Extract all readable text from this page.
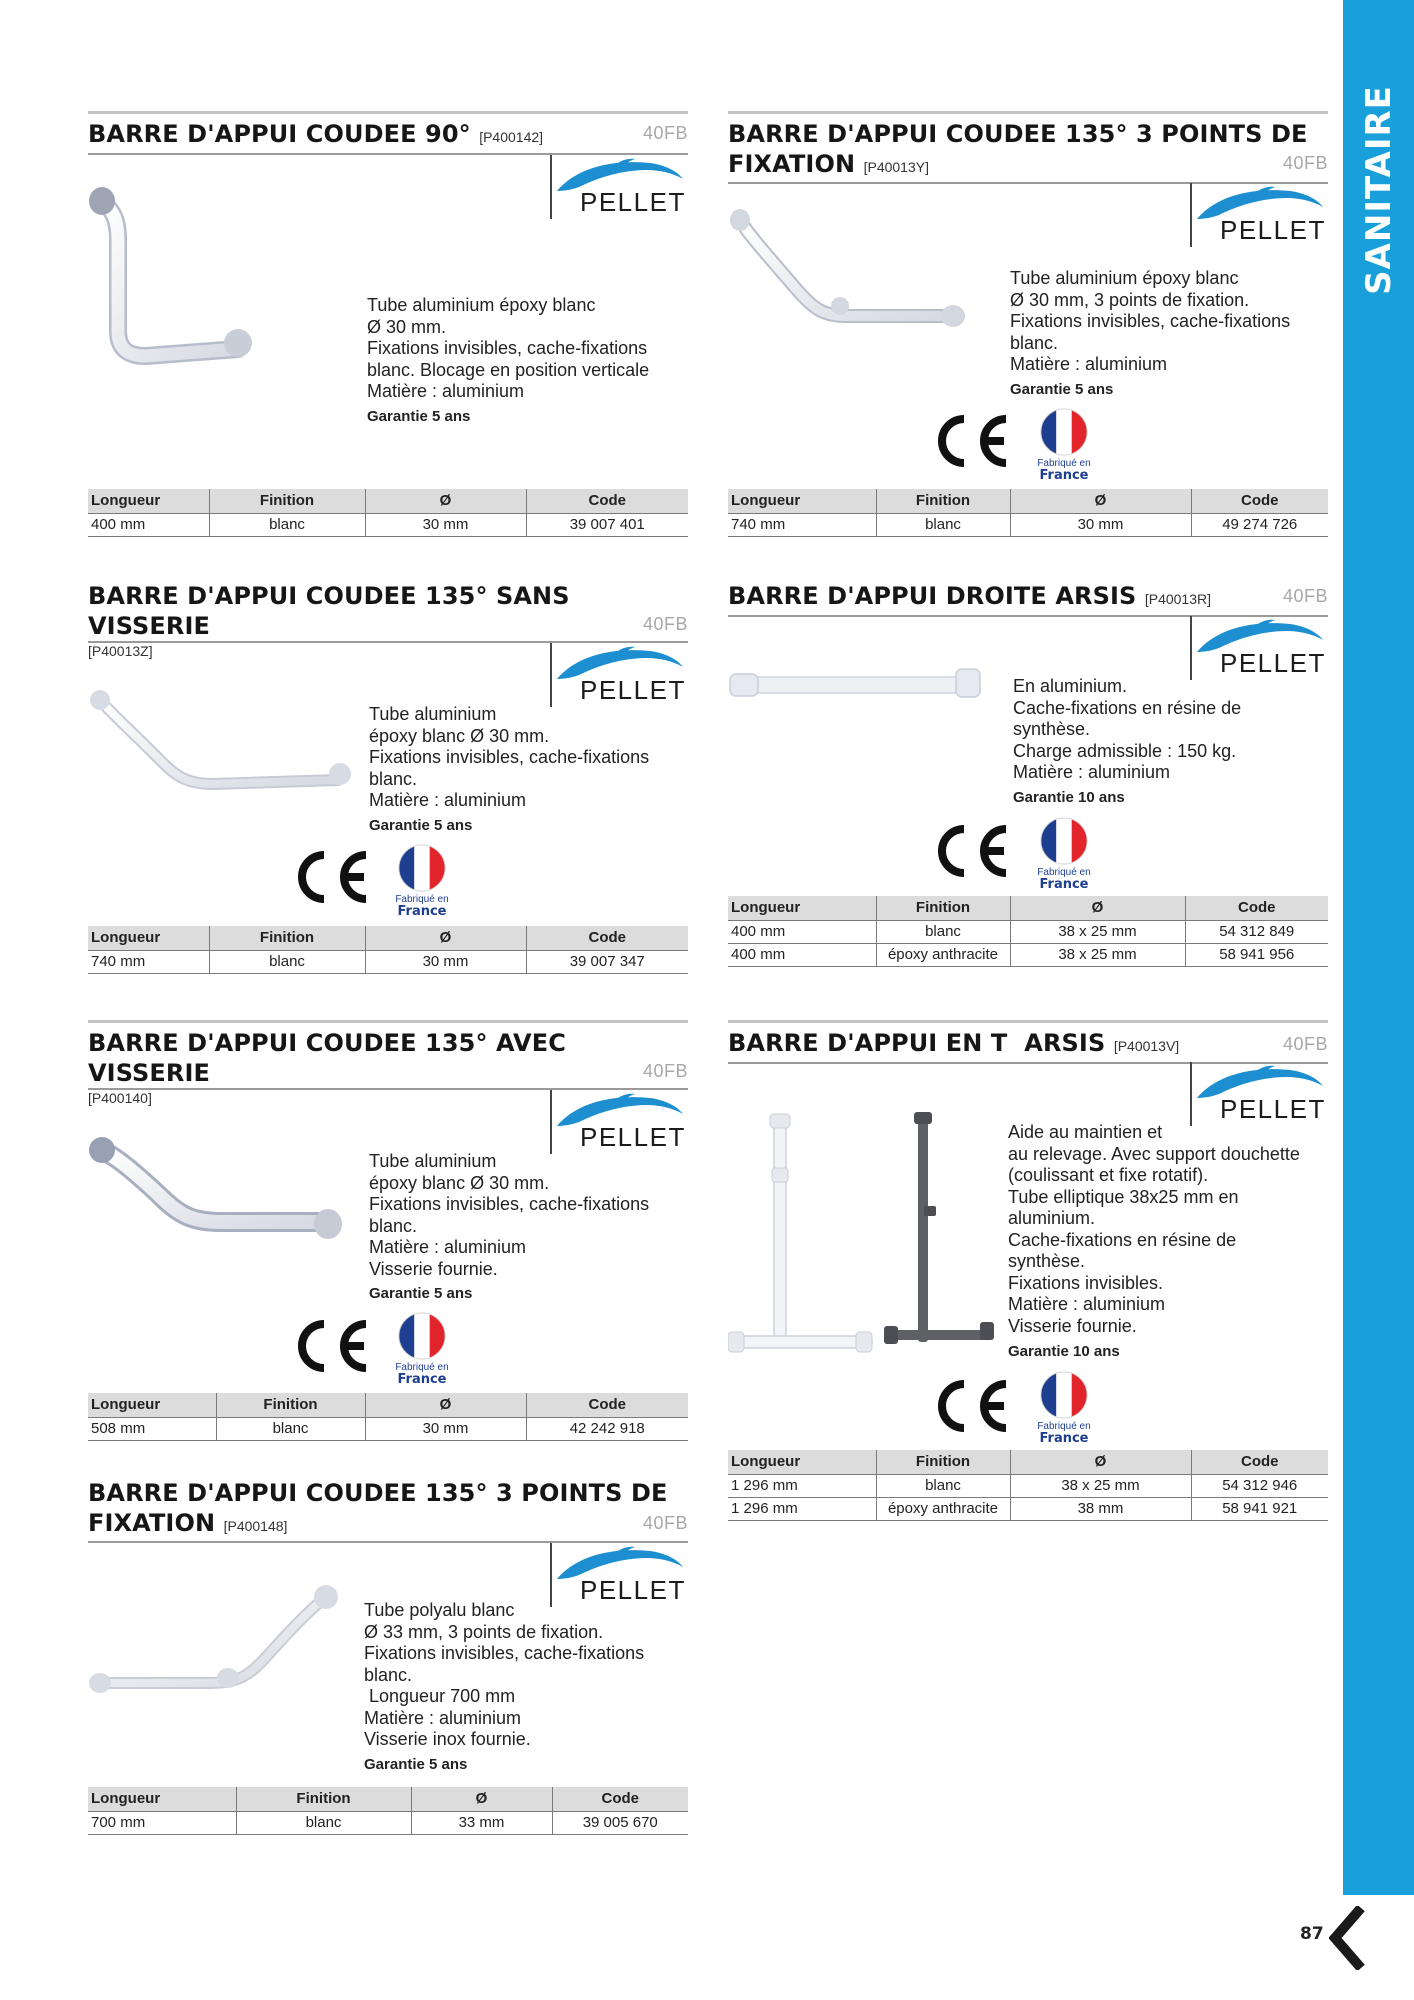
BARRE D'APPUI COUDEE 90° [P400142]	40FB
PELLET
Tube aluminium époxy blanc
Ø 30 mm.
Fixations invisibles, cache-fixations
blanc. Blocage en position verticale
Matière : aluminium
Garantie 5 ans
Longueur	Finition	Ø	Code
400 mm	blanc	30 mm	39 007 401
BARRE D'APPUI COUDEE 135° 3 POINTS DE
FIXATION [P40013Y]	40FB
PELLET
Tube aluminium époxy blanc
Ø 30 mm, 3 points de fixation.
Fixations invisibles, cache-fixations
blanc.
Matière : aluminium
Garantie 5 ans
Fabriqué en
France
Longueur	Finition	Ø	Code
740 mm	blanc	30 mm	49 274 726
BARRE D'APPUI COUDEE 135° SANS VISSERIE
[P40013Z]
40FB
PELLET
Tube aluminium
époxy blanc Ø 30 mm.
Fixations invisibles, cache-fixations
blanc.
Matière : aluminium
Garantie 5 ans
Fabriqué en
France
Longueur	Finition	Ø	Code
740 mm	blanc	30 mm	39 007 347
BARRE D'APPUI DROITE ARSIS [P40013R]	40FB
PELLET
En aluminium.
Cache-fixations en résine de
synthèse.
Charge admissible : 150 kg.
Matière : aluminium
Garantie 10 ans
Fabriqué en
France
Longueur	Finition	Ø	Code
400 mm	blanc	38 x 25 mm	54 312 849
400 mm	époxy anthracite	38 x 25 mm	58 941 956
BARRE D'APPUI COUDEE 135° AVEC VISSERIE
[P400140]
40FB
PELLET
Tube aluminium
époxy blanc Ø 30 mm.
Fixations invisibles, cache-fixations
blanc.
Matière : aluminium
Visserie fournie.
Garantie 5 ans
Fabriqué en
France
Longueur	Finition	Ø	Code
508 mm	blanc	30 mm	42 242 918
BARRE D'APPUI EN T  ARSIS [P40013V]	40FB
PELLET
Aide au maintien et
au relevage. Avec support douchette
(coulissant et fixe rotatif).
Tube elliptique 38x25 mm en
aluminium.
Cache-fixations en résine de
synthèse.
Fixations invisibles.
Matière : aluminium
Visserie fournie.
Garantie 10 ans
Fabriqué en
France
Longueur	Finition	Ø	Code
1 296 mm	blanc	38 x 25 mm	54 312 946
1 296 mm	époxy anthracite	38 mm	58 941 921
BARRE D'APPUI COUDEE 135° 3 POINTS DE
FIXATION [P400148]	40FB
PELLET
Tube polyalu blanc
Ø 33 mm, 3 points de fixation.
Fixations invisibles, cache-fixations
blanc.
Longueur 700 mm
Matière : aluminium
Visserie inox fournie.
Garantie 5 ans
Longueur	Finition	Ø	Code
700 mm	blanc	33 mm	39 005 670
SANITAIRE
87
